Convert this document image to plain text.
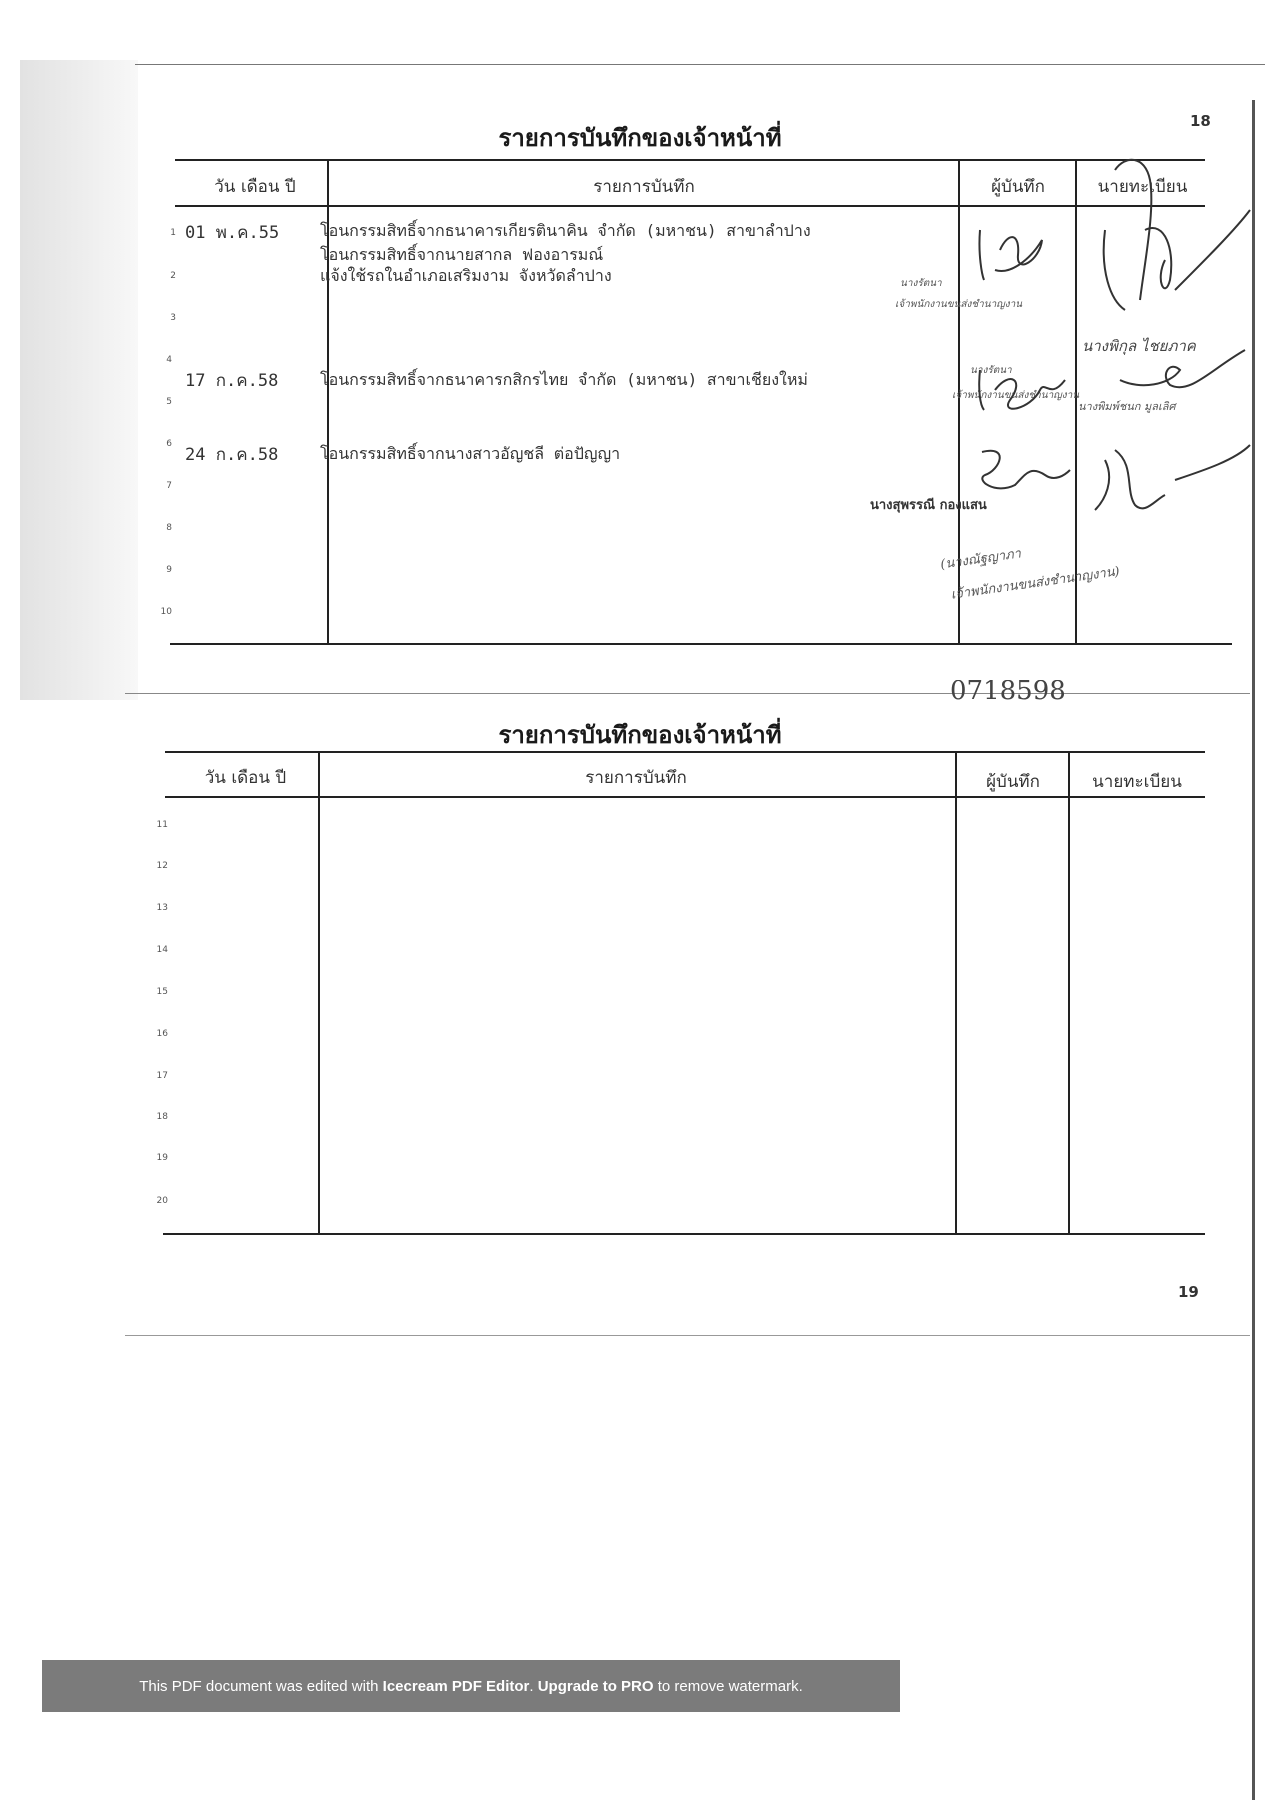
18
รายการบันทึกของเจ้าหน้าที่
วัน เดือน ปี	รายการบันทึก	ผู้บันทึก	นายทะเบียน
1
2
3
4
5
6
7
8
9
10
01 พ.ค.55	โอนกรรมสิทธิ์จากธนาคารเกียรตินาคิน จำกัด (มหาชน) สาขาลำปาง
โอนกรรมสิทธิ์จากนายสากล ฟองอารมณ์
แจ้งใช้รถในอำเภอเสริมงาม จังหวัดลำปาง
17 ก.ค.58	โอนกรรมสิทธิ์จากธนาคารกสิกรไทย จำกัด (มหาชน) สาขาเชียงใหม่
24 ก.ค.58	โอนกรรมสิทธิ์จากนางสาวอัญชลี ต่อปัญญา
นางรัตนา
เจ้าพนักงานขนส่งชำนาญงาน
นางพิกุล ไชยภาค
นางรัตนา
เจ้าพนักงานขนส่งชำนาญงาน
นางพิมพ์ชนก มูลเลิศ
นางสุพรรณี กองแสน
(นางณัฐญาภา
เจ้าพนักงานขนส่งชำนาญงาน)
0718598
รายการบันทึกของเจ้าหน้าที่
วัน เดือน ปี	รายการบันทึก	ผู้บันทึก	นายทะเบียน
11
12
13
14
15
16
17
18
19
20
19
This PDF document was edited with Icecream PDF Editor. Upgrade to PRO to remove watermark.
